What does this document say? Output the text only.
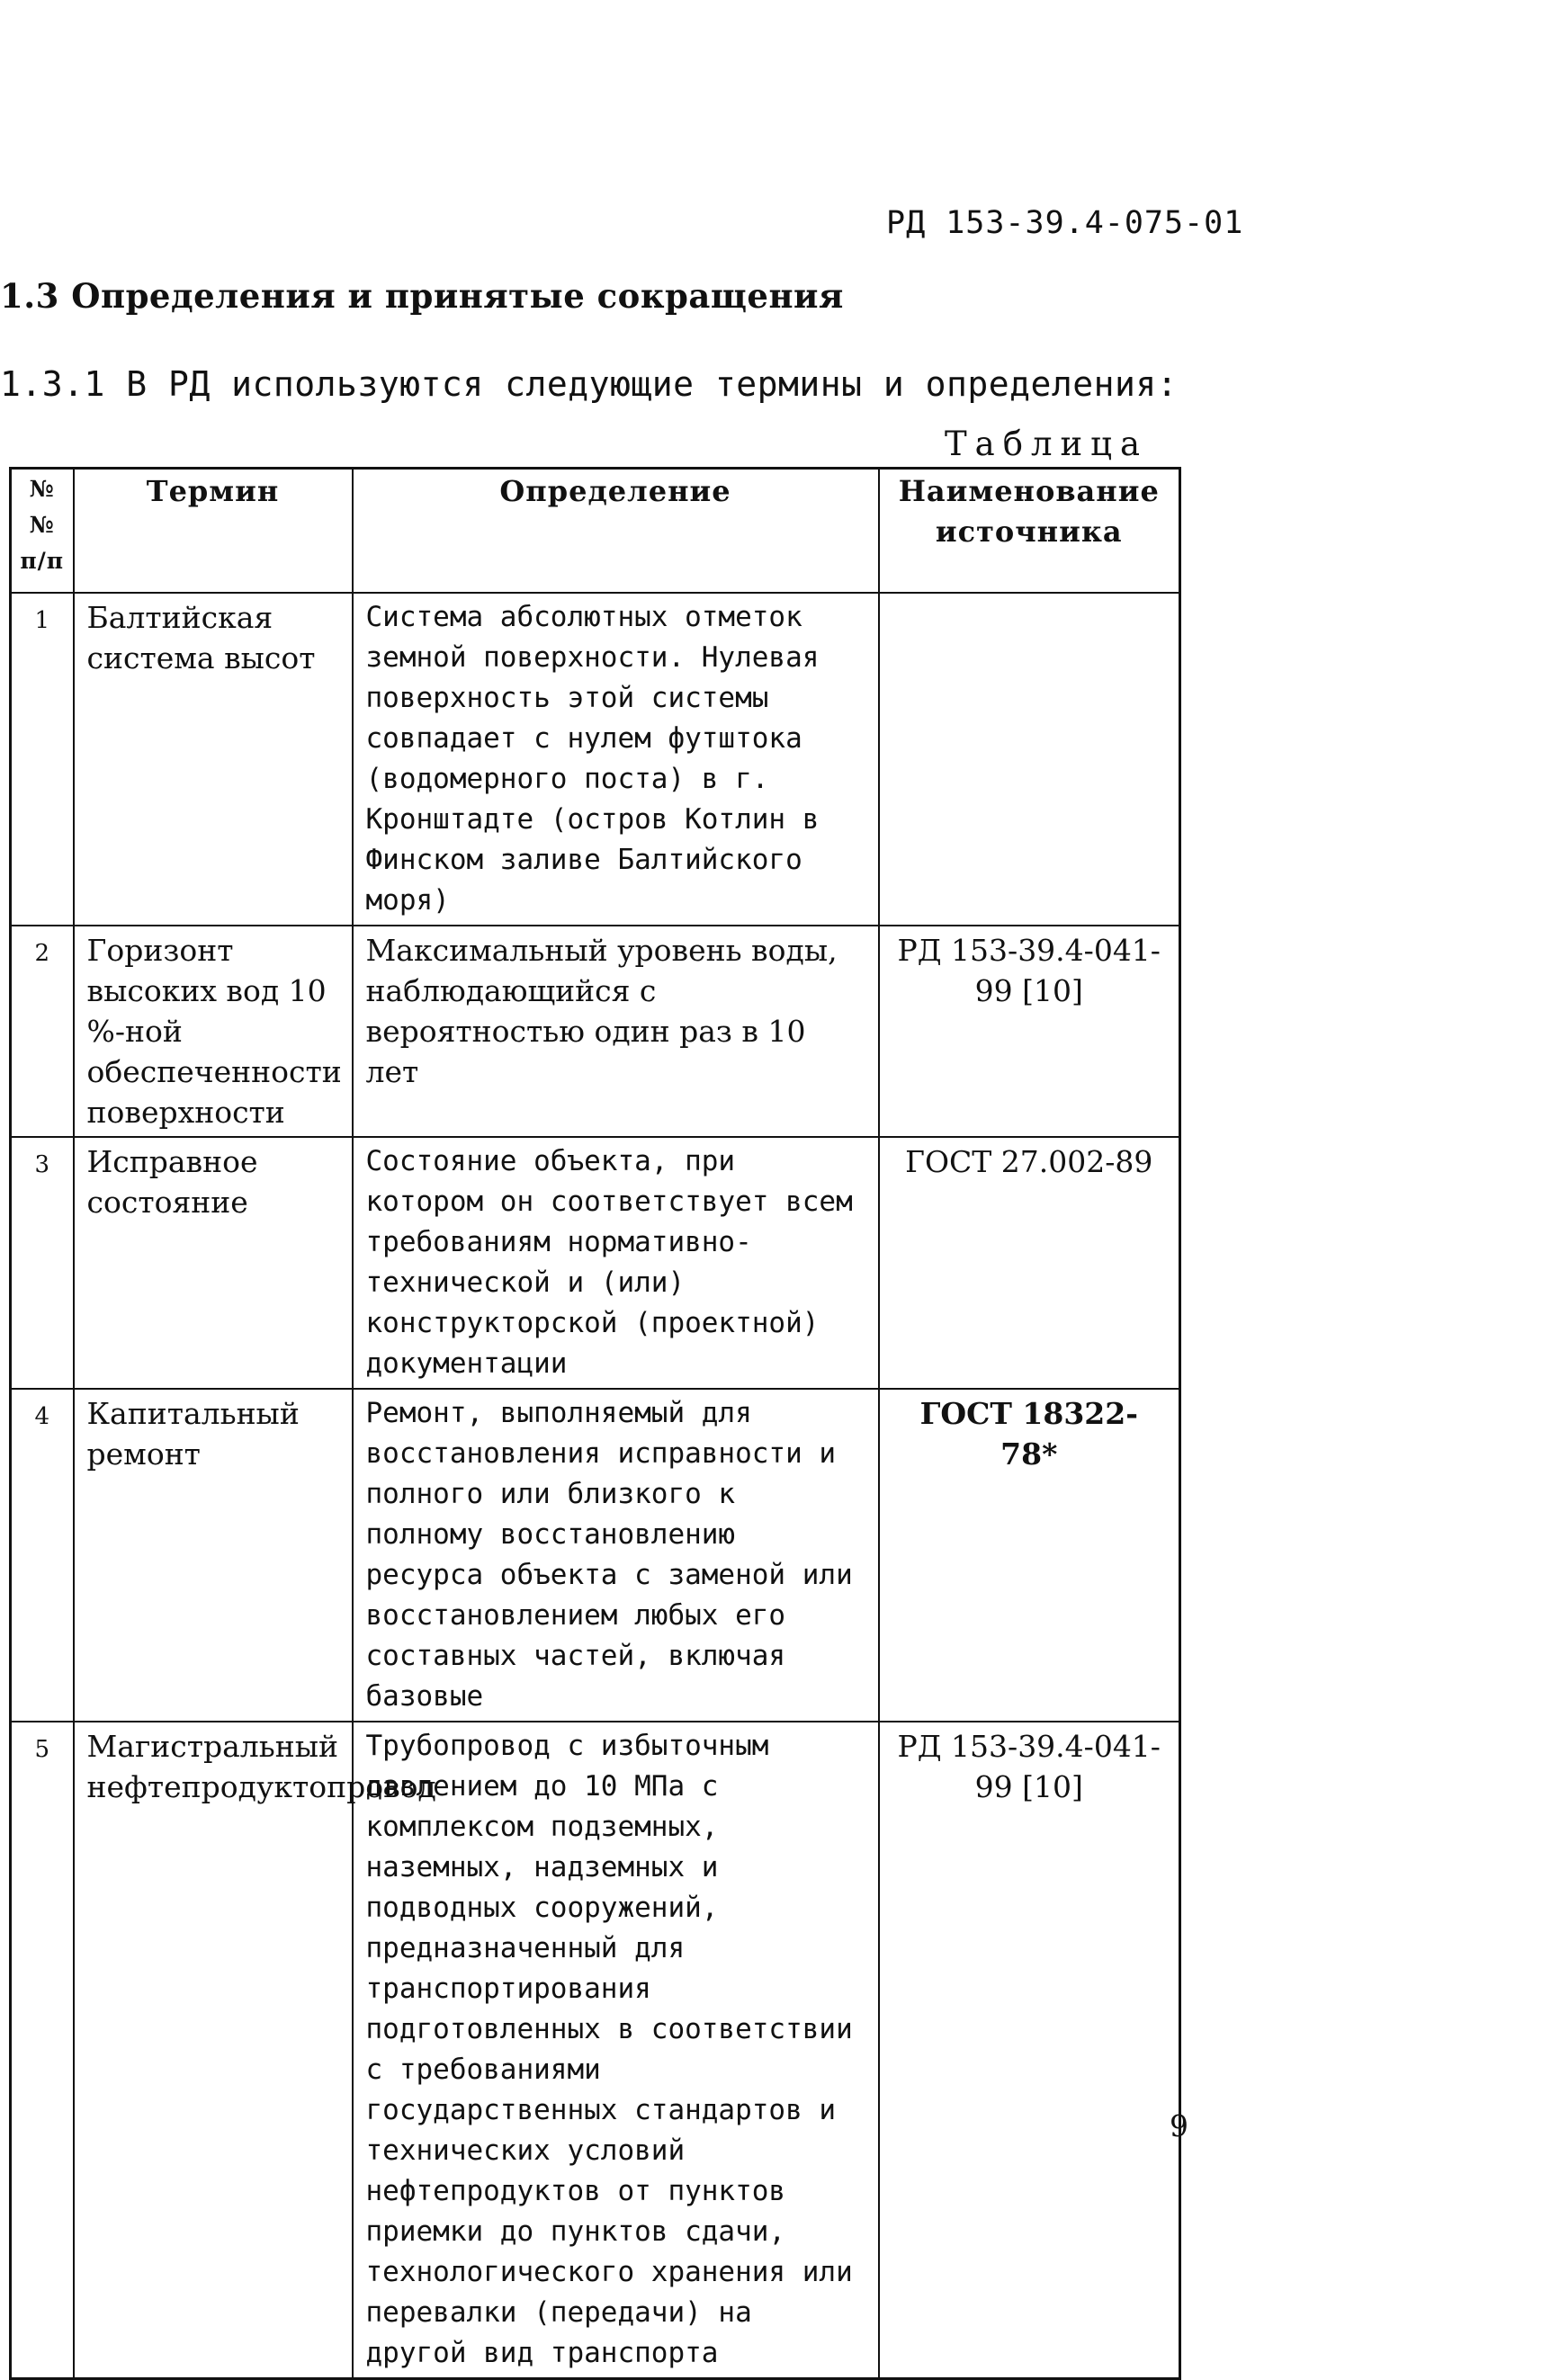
РД 153-39.4-075-01
1.3 Определения и принятые сокращения
1.3.1 В РД используются следующие термины и определения:
Таблица
№ № п/п	Термин	Определение	Наименование источника
1	Балтийская система высот	Система абсолютных отметок земной поверхности. Нулевая поверхность этой системы совпадает с нулем футштока (водомерного поста) в г. Кронштадте (остров Котлин в Финском заливе Балтийского моря)	
2	Горизонт высоких вод 10 %-ной обеспеченности поверхности	Максимальный уровень воды, наблюдающийся с вероятностью один раз в 10 лет	РД 153-39.4-041-99 [10]
3	Исправное состояние	Состояние объекта, при котором он соответствует всем требованиям нормативно-технической и (или) конструкторской (проектной) документации	ГОСТ 27.002-89
4	Капитальный ремонт	Ремонт, выполняемый для восстановления исправности и полного или близкого к полному восстановлению ресурса объекта с заменой или восстановлением любых его составных частей, включая базовые	ГОСТ 18322-78*
5	Магистральный нефтепродуктопровод	Трубопровод с избыточным давлением до 10 МПа с комплексом подземных, наземных, надземных и подводных сооружений, предназначенный для транспортирования подготовленных в соответствии с требованиями государственных стандартов и технических условий нефтепродуктов от пунктов приемки до пунктов сдачи, технологического хранения или перевалки (передачи) на другой вид транспорта	РД 153-39.4-041-99 [10]
9
